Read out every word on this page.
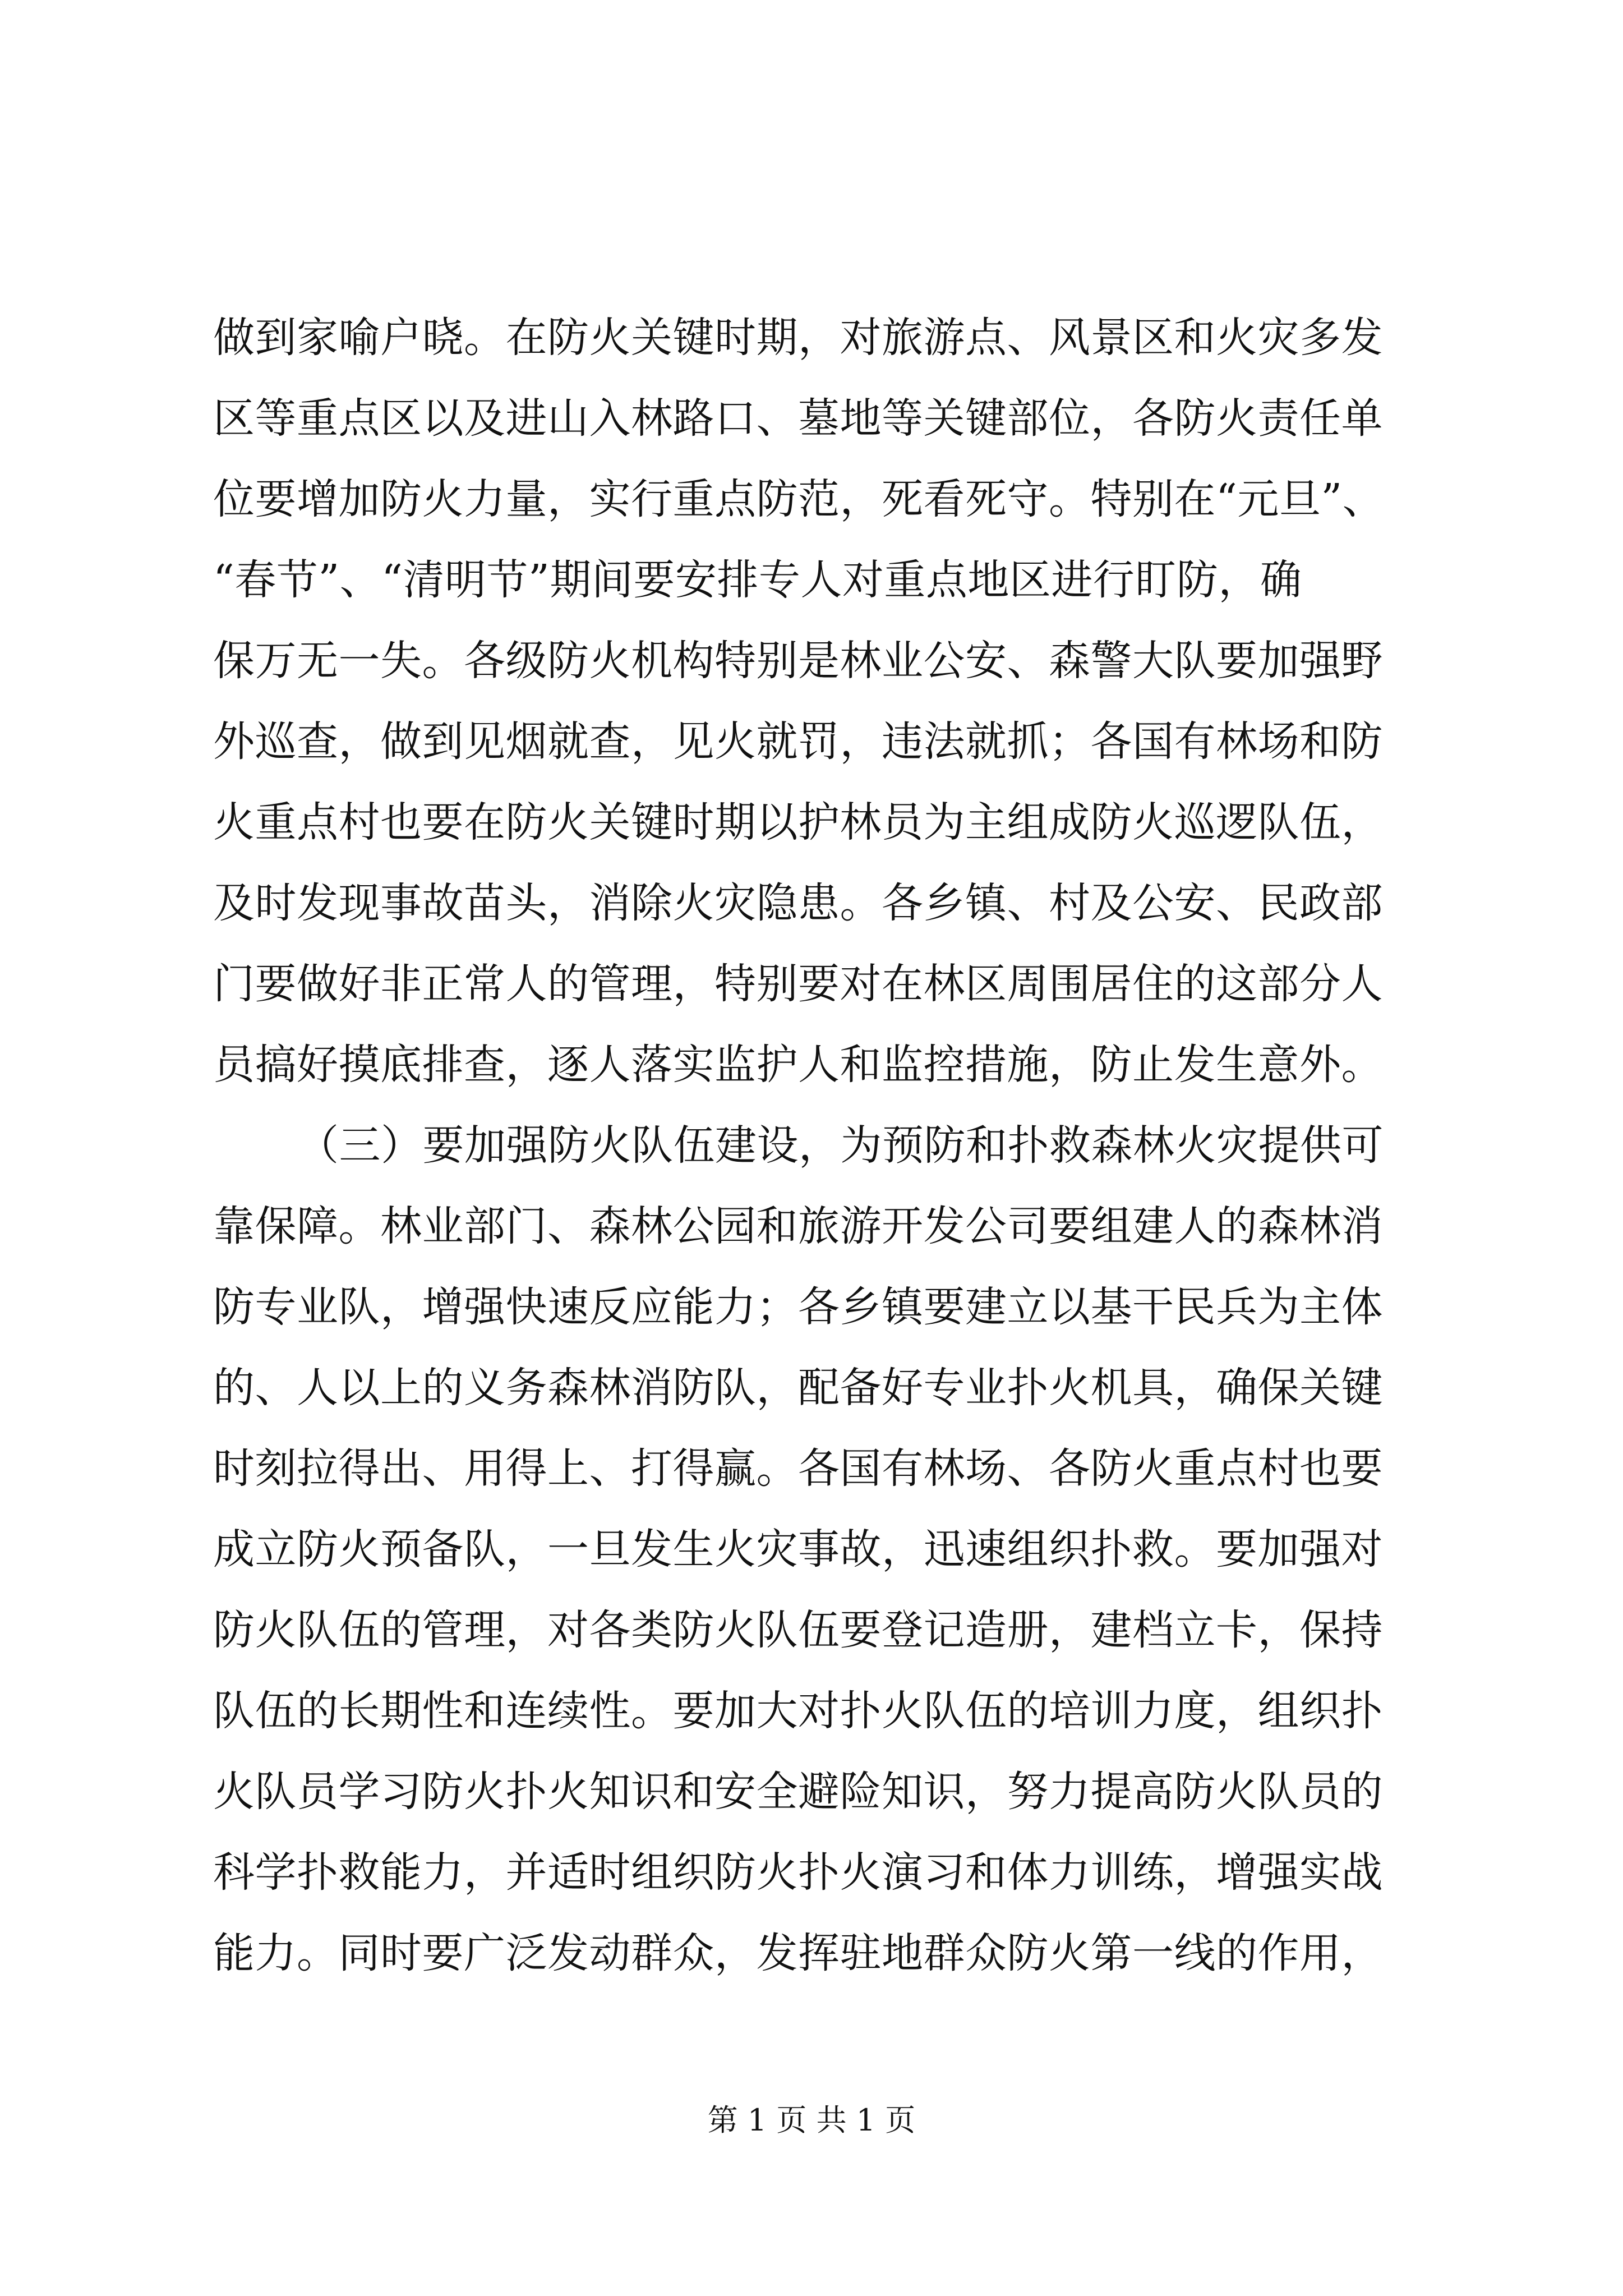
做到家喻户晓。在防火关键时期，对旅游点、风景区和火灾多发
区等重点区以及进山入林路口、墓地等关键部位，各防火责任单
位要增加防火力量，实行重点防范，死看死守。特别在“元旦”、
“春节”、“清明节”期间要安排专人对重点地区进行盯防，确
保万无一失。各级防火机构特别是林业公安、森警大队要加强野
外巡查，做到见烟就查，见火就罚，违法就抓；各国有林场和防
火重点村也要在防火关键时期以护林员为主组成防火巡逻队伍，
及时发现事故苗头，消除火灾隐患。各乡镇、村及公安、民政部
门要做好非正常人的管理，特别要对在林区周围居住的这部分人
员搞好摸底排查，逐人落实监护人和监控措施，防止发生意外。
（三）要加强防火队伍建设，为预防和扑救森林火灾提供可
靠保障。林业部门、森林公园和旅游开发公司要组建人的森林消
防专业队，增强快速反应能力；各乡镇要建立以基干民兵为主体
的、人以上的义务森林消防队，配备好专业扑火机具，确保关键
时刻拉得出、用得上、打得赢。各国有林场、各防火重点村也要
成立防火预备队，一旦发生火灾事故，迅速组织扑救。要加强对
防火队伍的管理，对各类防火队伍要登记造册，建档立卡，保持
队伍的长期性和连续性。要加大对扑火队伍的培训力度，组织扑
火队员学习防火扑火知识和安全避险知识，努力提高防火队员的
科学扑救能力，并适时组织防火扑火演习和体力训练，增强实战
能力。同时要广泛发动群众，发挥驻地群众防火第一线的作用，
第 1 页 共 1 页
